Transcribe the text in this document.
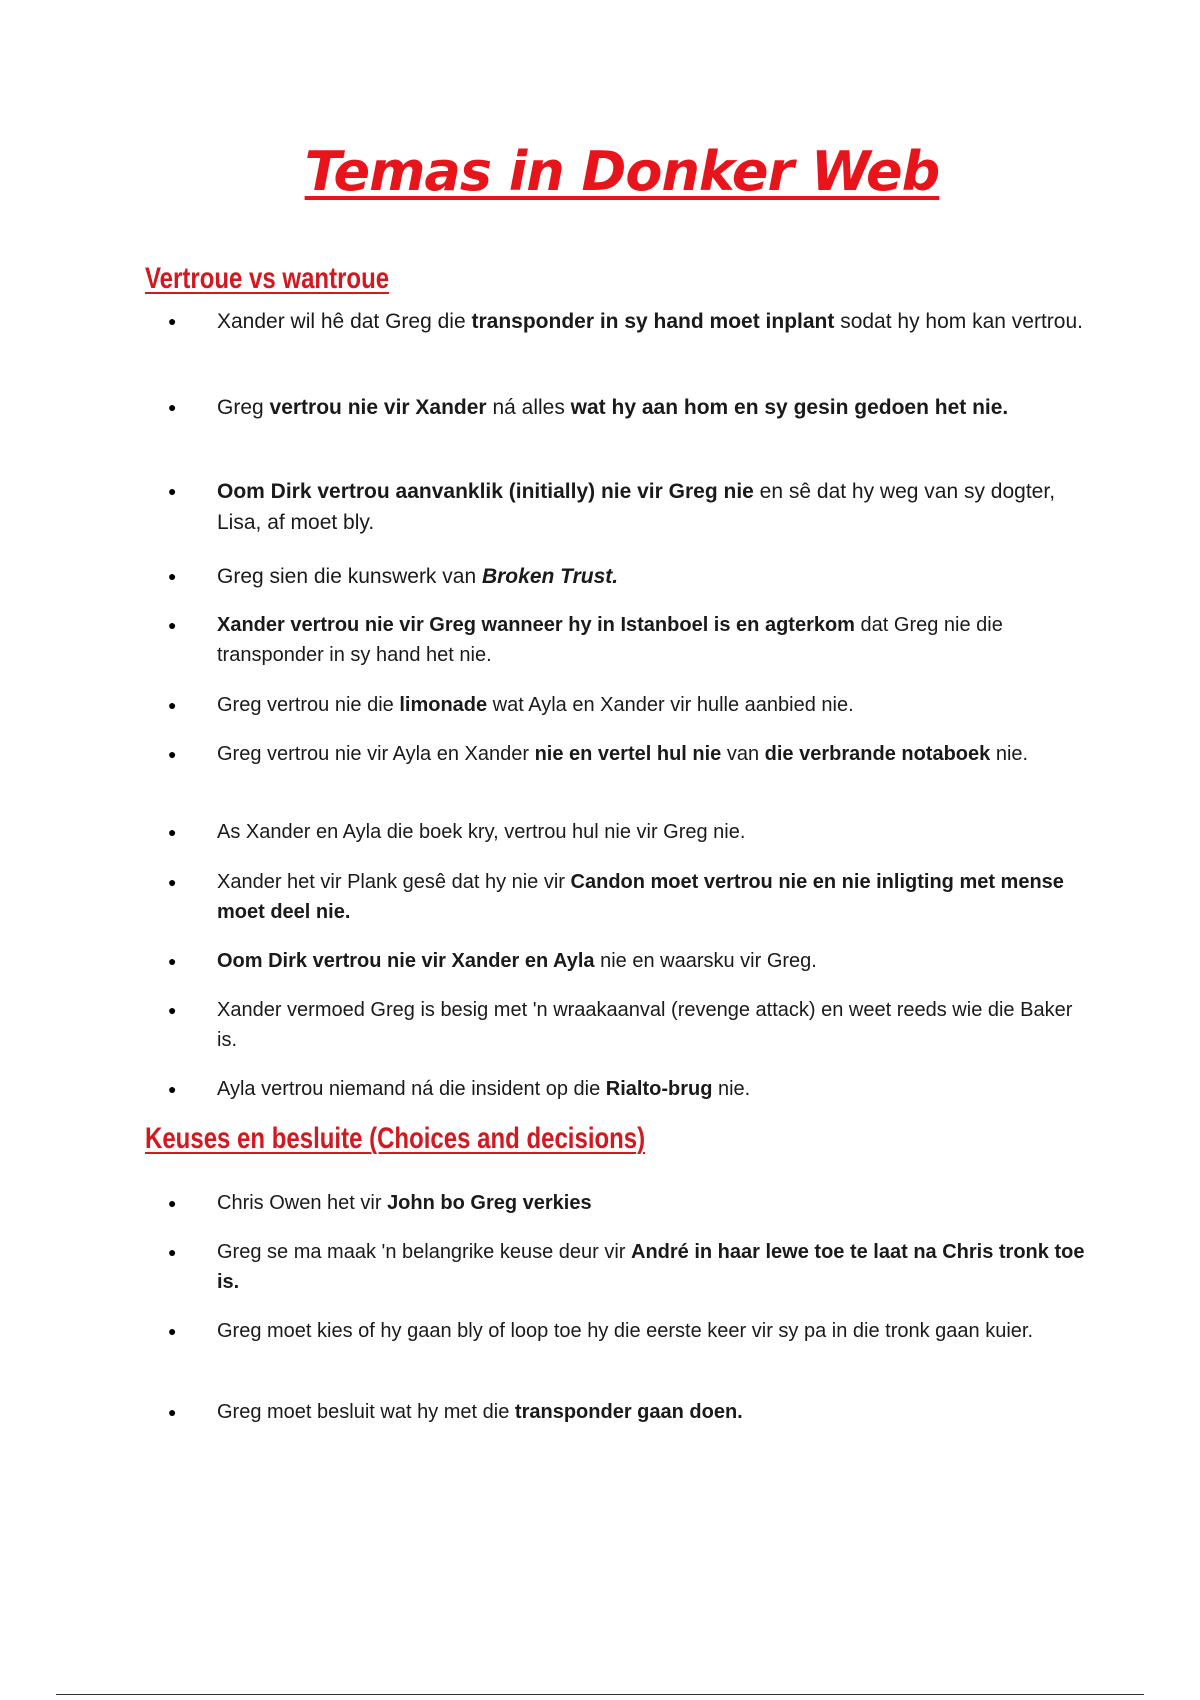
Temas in Donker Web
Vertroue vs wantroue
● Xander wil hê dat Greg die transponder in sy hand moet inplant sodat hy hom kan vertrou.

● Greg vertrou nie vir Xander ná alles wat hy aan hom en sy gesin gedoen het nie.

● Oom Dirk vertrou aanvanklik (initially) nie vir Greg nie en sê dat hy weg van sy dogter, Lisa, af moet bly.

● Greg sien die kunswerk van Broken Trust.

● Xander vertrou nie vir Greg wanneer hy in Istanboel is en agterkom dat Greg nie die transponder in sy hand het nie.

● Greg vertrou nie die limonade wat Ayla en Xander vir hulle aanbied nie.

● Greg vertrou nie vir Ayla en Xander nie en vertel hul nie van die verbrande notaboek nie.

● As Xander en Ayla die boek kry, vertrou hul nie vir Greg nie.

● Xander het vir Plank gesê dat hy nie vir Candon moet vertrou nie en nie inligting met mense moet deel nie.

● Oom Dirk vertrou nie vir Xander en Ayla nie en waarsku vir Greg.

● Xander vermoed Greg is besig met 'n wraakaanval (revenge attack) en weet reeds wie die Baker is.

● Ayla vertrou niemand ná die insident op die Rialto-brug nie.

Keuses en besluite (Choices and decisions)
● Chris Owen het vir John bo Greg verkies

● Greg se ma maak 'n belangrike keuse deur vir André in haar lewe toe te laat na Chris tronk toe is.

● Greg moet kies of hy gaan bly of loop toe hy die eerste keer vir sy pa in die tronk gaan kuier.

● Greg moet besluit wat hy met die transponder gaan doen.
